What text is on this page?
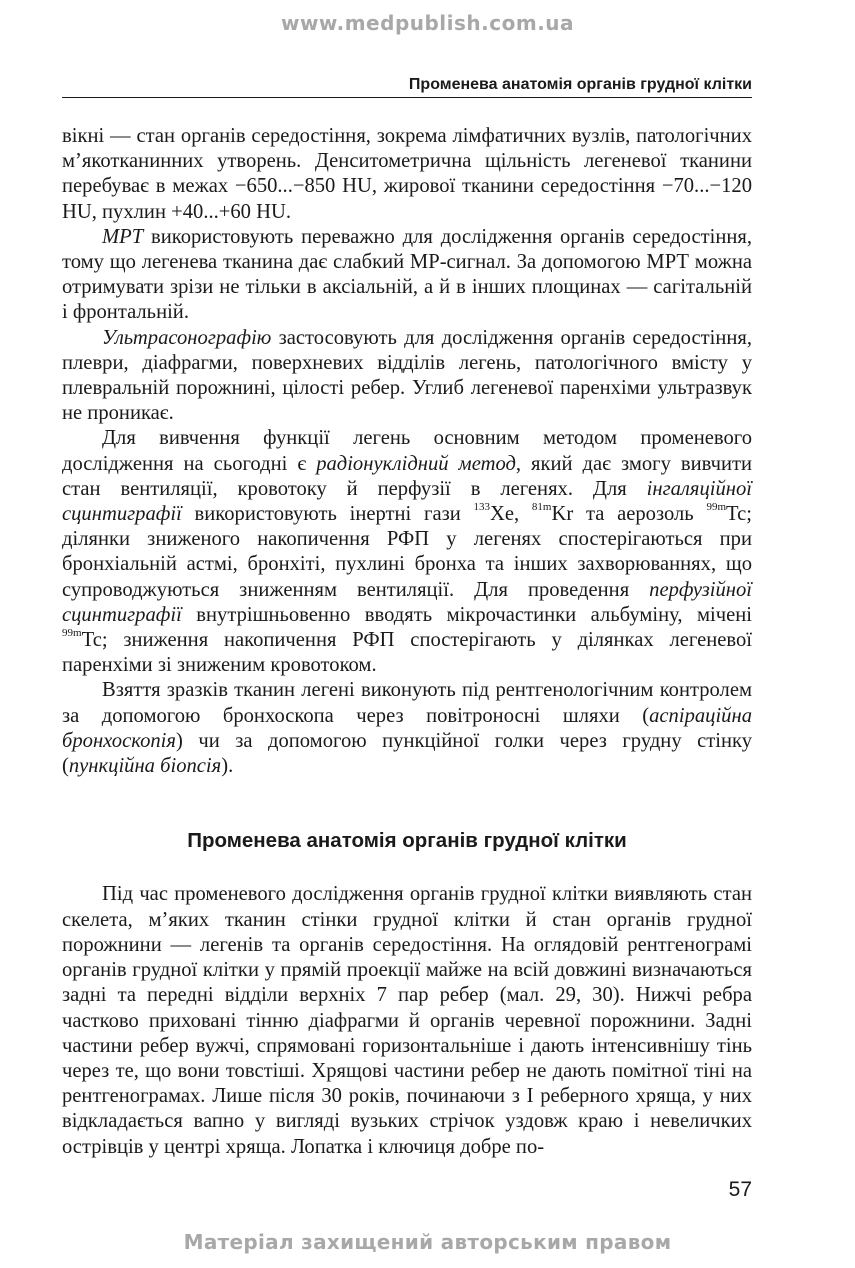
www.medpublish.com.ua
Променева анатомія органів грудної клітки

вікні — стан органів середостіння, зокрема лімфатичних вузлів, патологічних м’якотканинних утворень. Денситометрична щільність легеневої тканини перебуває в межах −650...−850 HU, жирової тканини середостіння −70...−120 HU, пухлин +40...+60 HU.

МРТ використовують переважно для дослідження органів середостіння, тому що легенева тканина дає слабкий МР-сигнал. За допомогою МРТ можна отримувати зрізи не тільки в аксіальній, а й в інших площинах — сагітальній і фронтальній.

Ультрасонографію застосовують для дослідження органів середостіння, плеври, діафрагми, поверхневих відділів легень, патологічного вмісту у плевральній порожнині, цілості ребер. Углиб легеневої паренхіми ультразвук не проникає.

Для вивчення функції легень основним методом променевого дослідження на сьогодні є радіонуклідний метод, який дає змогу вивчити стан вентиляції, кровотоку й перфузії в легенях. Для інгаляційної сцинтиграфії використовують інертні гази $^{133}$Xe, $^{81m}$Kr та аерозоль $^{99m}$Tc; ділянки зниженого накопичення РФП у легенях спостерігаються при бронхіальній астмі, бронхіті, пухлині бронха та інших захворюваннях, що супроводжуються зниженням вентиляції. Для проведення перфузійної сцинтиграфії внутрішньовенно вводять мікрочастинки альбуміну, мічені $^{99m}$Tc; зниження накопичення РФП спостерігають у ділянках легеневої паренхіми зі зниженим кровотоком.

Взяття зразків тканин легені виконують під рентгенологічним контролем за допомогою бронхоскопа через повітроносні шляхи (аспіраційна бронхоскопія) чи за допомогою пункційної голки через грудну стінку (пункційна біопсія).

Променева анатомія органів грудної клітки

Під час променевого дослідження органів грудної клітки виявляють стан скелета, м’яких тканин стінки грудної клітки й стан органів грудної порожнини — легенів та органів середостіння. На оглядовій рентгенограмі органів грудної клітки у прямій проекції майже на всій довжині визначаються задні та передні відділи верхніх 7 пар ребер (мал. 29, 30). Нижчі ребра частково приховані тінню діафрагми й органів черевної порожнини. Задні частини ребер вужчі, спрямовані горизонтальніше і дають інтенсивнішу тінь через те, що вони товстіші. Хрящові частини ребер не дають помітної тіні на рентгенограмах. Лише після 30 років, починаючи з I реберного хряща, у них відкладається вапно у вигляді вузьких стрічок уздовж краю і невеличких острівців у центрі хряща. Лопатка і ключиця добре по-

57
Матеріал захищений авторським правом
